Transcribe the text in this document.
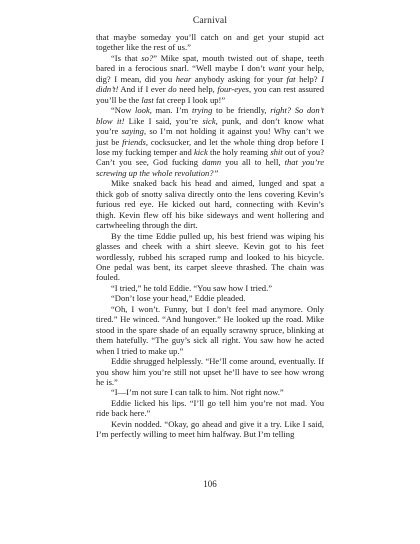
Carnival

that maybe someday you’ll catch on and get your stupid act together like the rest of us.”

“Is that so?” Mike spat, mouth twisted out of shape, teeth bared in a ferocious snarl. “Well maybe I don’t want your help, dig? I mean, did you hear anybody asking for your fat help? I didn’t! And if I ever do need help, four-eyes, you can rest assured you’ll be the last fat creep I look up!”

“Now look, man. I’m trying to be friendly, right? So don’t blow it! Like I said, you’re sick, punk, and don’t know what you’re saying, so I’m not holding it against you! Why can’t we just be friends, cocksucker, and let the whole thing drop before I lose my fucking temper and kick the holy reaming shit out of you? Can’t you see, God fucking damn you all to hell, that you’re screwing up the whole revolution?”

Mike snaked back his head and aimed, lunged and spat a thick gob of snotty saliva directly onto the lens covering Kevin’s furious red eye. He kicked out hard, connecting with Kevin’s thigh. Kevin flew off his bike sideways and went hollering and cartwheeling through the dirt.

By the time Eddie pulled up, his best friend was wiping his glasses and cheek with a shirt sleeve. Kevin got to his feet wordlessly, rubbed his scraped rump and looked to his bicycle. One pedal was bent, its carpet sleeve thrashed. The chain was fouled.

“I tried,” he told Eddie. “You saw how I tried.”

“Don’t lose your head,” Eddie pleaded.

“Oh, I won’t. Funny, but I don’t feel mad anymore. Only tired.” He winced. “And hungover.” He looked up the road. Mike stood in the spare shade of an equally scrawny spruce, blinking at them hatefully. “The guy’s sick all right. You saw how he acted when I tried to make up.”

Eddie shrugged helplessly. “He’ll come around, eventually. If you show him you’re still not upset he’ll have to see how wrong he is.”

“I—I’m not sure I can talk to him. Not right now.”

Eddie licked his lips. “I’ll go tell him you’re not mad. You ride back here.”

Kevin nodded. “Okay, go ahead and give it a try. Like I said, I’m perfectly willing to meet him halfway. But I’m telling

106
